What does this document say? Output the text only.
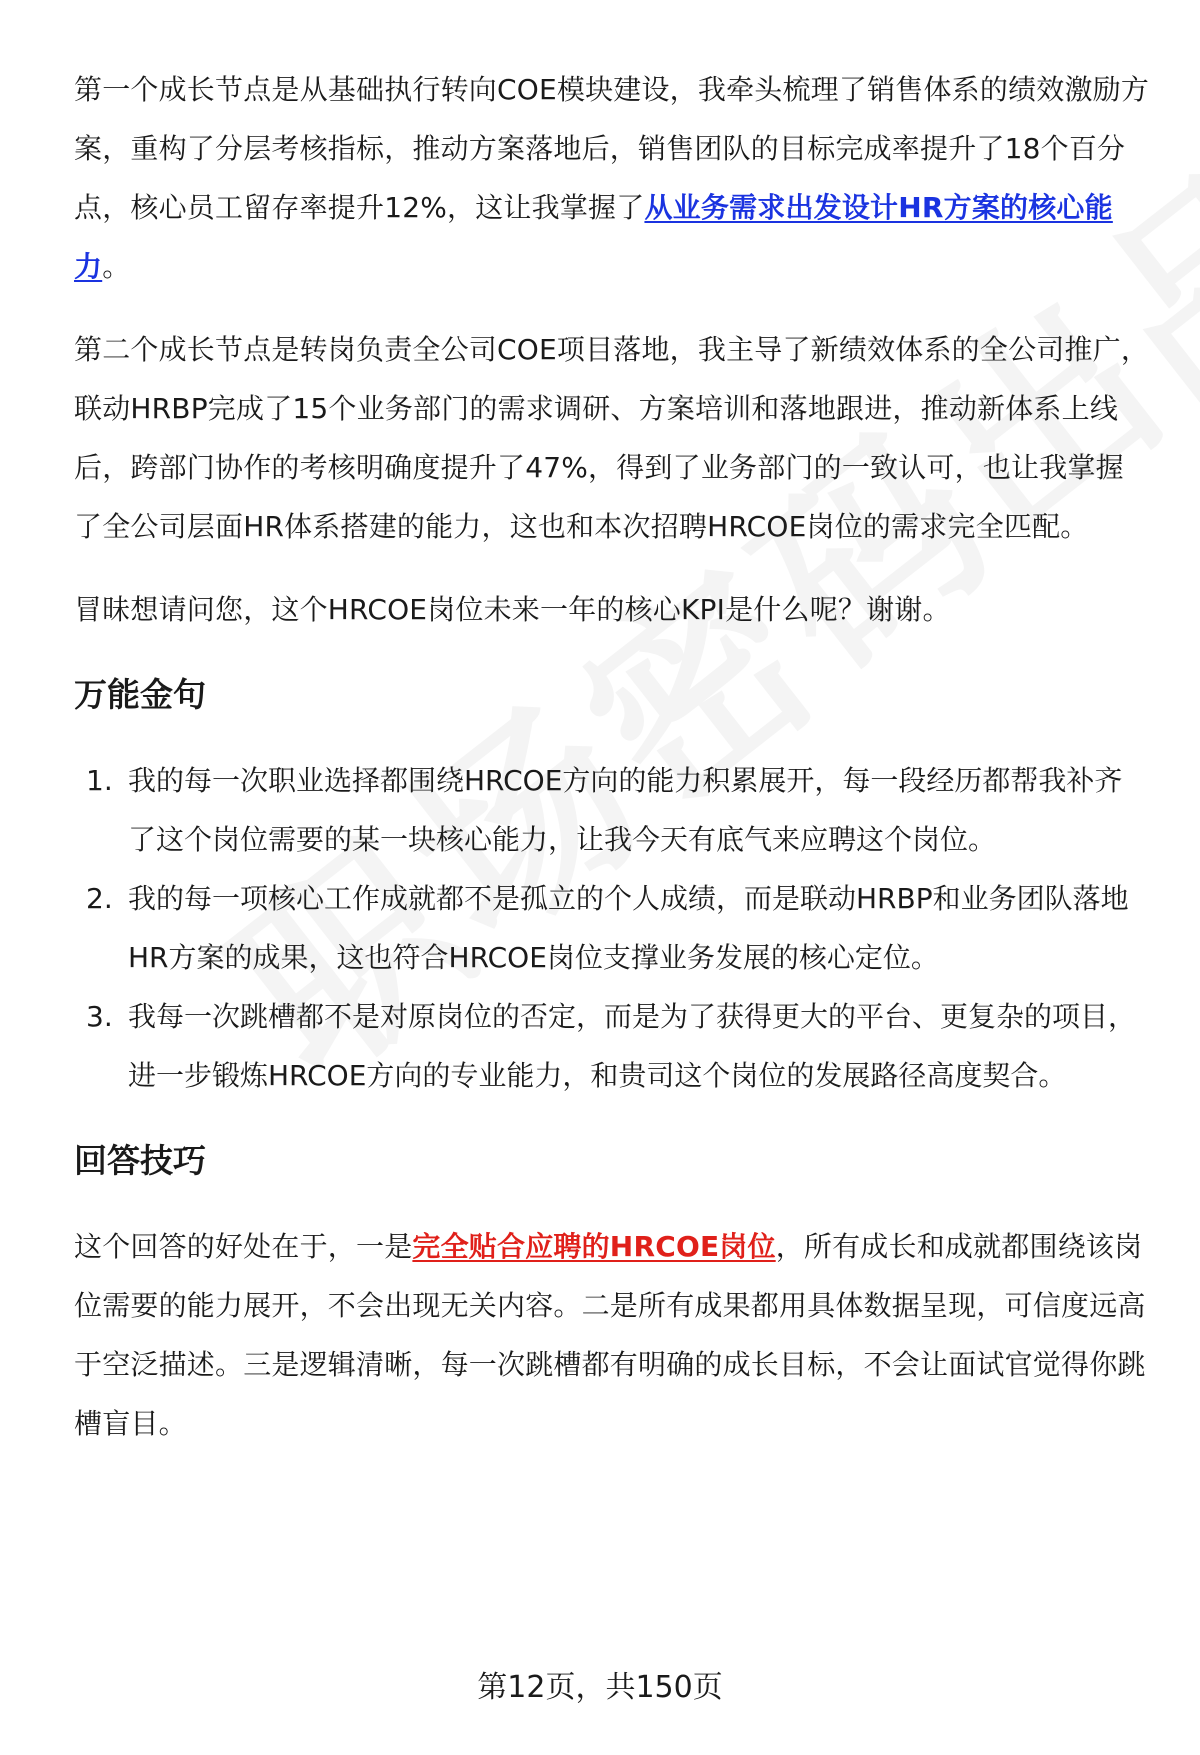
第一个成长节点是从基础执行转向COE模块建设，我牵头梳理了销售体系的绩效激励方案，重构了分层考核指标，推动方案落地后，销售团队的目标完成率提升了18个百分点，核心员工留存率提升12%，这让我掌握了从业务需求出发设计HR方案的核心能力。

第二个成长节点是转岗负责全公司COE项目落地，我主导了新绩效体系的全公司推广，联动HRBP完成了15个业务部门的需求调研、方案培训和落地跟进，推动新体系上线后，跨部门协作的考核明确度提升了47%，得到了业务部门的一致认可，也让我掌握了全公司层面HR体系搭建的能力，这也和本次招聘HRCOE岗位的需求完全匹配。

冒昧想请问您，这个HRCOE岗位未来一年的核心KPI是什么呢？谢谢。

万能金句
1. 我的每一次职业选择都围绕HRCOE方向的能力积累展开，每一段经历都帮我补齐了这个岗位需要的某一块核心能力，让我今天有底气来应聘这个岗位。
2. 我的每一项核心工作成就都不是孤立的个人成绩，而是联动HRBP和业务团队落地HR方案的成果，这也符合HRCOE岗位支撑业务发展的核心定位。
3. 我每一次跳槽都不是对原岗位的否定，而是为了获得更大的平台、更复杂的项目，进一步锻炼HRCOE方向的专业能力，和贵司这个岗位的发展路径高度契合。
回答技巧

这个回答的好处在于，一是完全贴合应聘的HRCOE岗位，所有成长和成就都围绕该岗位需要的能力展开，不会出现无关内容。二是所有成果都用具体数据呈现，可信度远高于空泛描述。三是逻辑清晰，每一次跳槽都有明确的成长目标，不会让面试官觉得你跳槽盲目。

第12页，共150页
